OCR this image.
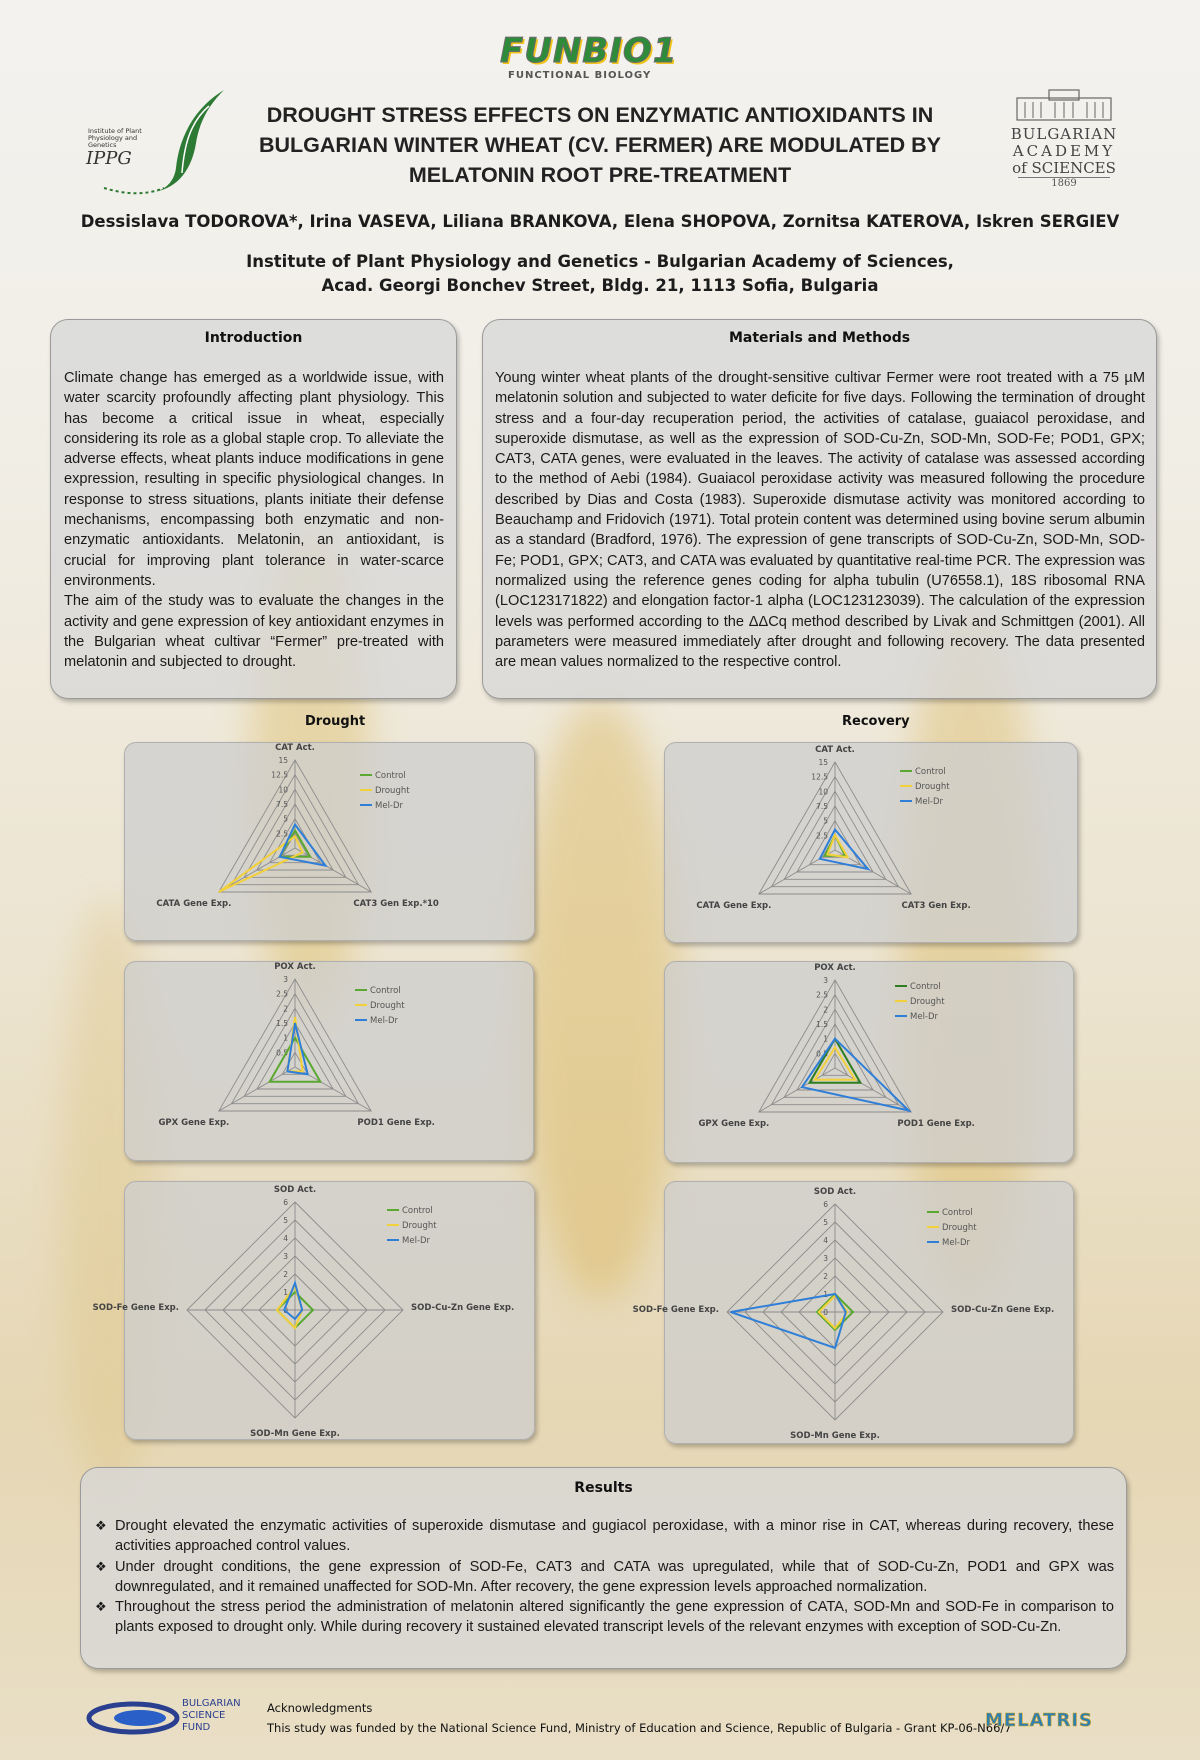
FUNBIO1
FUNCTIONAL BIOLOGY
Institute of Plant Physiology and Genetics
IPPG
BULGARIAN
ACADEMY
of SCIENCES
1869
DROUGHT STRESS EFFECTS ON ENZYMATIC ANTIOXIDANTS IN
BULGARIAN WINTER WHEAT (CV. FERMER) ARE MODULATED BY
MELATONIN ROOT PRE-TREATMENT
Dessislava TODOROVA*, Irina VASEVA, Liliana BRANKOVA, Elena SHOPOVA, Zornitsa KATEROVA, Iskren SERGIEV
Institute of Plant Physiology and Genetics - Bulgarian Academy of Sciences,
Acad. Georgi Bonchev Street, Bldg. 21, 1113 Sofia, Bulgaria
Introduction

Climate change has emerged as a worldwide issue, with water scarcity profoundly affecting plant physiology. This has become a critical issue in wheat, especially considering its role as a global staple crop. To alleviate the adverse effects, wheat plants induce modifications in gene expression, resulting in specific physiological changes. In response to stress situations, plants initiate their defense mechanisms, encompassing both enzymatic and non-enzymatic antioxidants. Melatonin, an antioxidant, is crucial for improving plant tolerance in water-scarce environments.

The aim of the study was to evaluate the changes in the activity and gene expression of key antioxidant enzymes in the Bulgarian wheat cultivar “Fermer” pre-treated with melatonin and subjected to drought.

Materials and Methods
Young winter wheat plants of the drought-sensitive cultivar Fermer were root treated with a 75 µM melatonin solution and subjected to water deficite for five days. Following the termination of drought stress and a four-day recuperation period, the activities of catalase, guaiacol peroxidase, and superoxide dismutase, as well as the expression of SOD-Cu-Zn, SOD-Mn, SOD-Fe; POD1, GPX; CAT3, CATA genes, were evaluated in the leaves. The activity of catalase was assessed according to the method of Aebi (1984). Guaiacol peroxidase activity was measured following the procedure described by Dias and Costa (1983). Superoxide dismutase activity was monitored according to Beauchamp and Fridovich (1971). Total protein content was determined using bovine serum albumin as a standard (Bradford, 1976). The expression of gene transcripts of SOD-Cu-Zn, SOD-Mn, SOD-Fe; POD1, GPX; CAT3, and CATA was evaluated by quantitative real-time PCR. The expression was normalized using the reference genes coding for alpha tubulin (U76558.1), 18S ribosomal RNA (LOC123171822) and elongation factor-1 alpha (LOC123123039). The calculation of the expression levels was performed according to the ΔΔCq method described by Livak and Schmittgen (2001). All parameters were measured immediately after drought and following recovery. The data presented are mean values normalized to the respective control.
Drought	Recovery
2.5
5
7.5
10
12.5
15
CAT Act.
CAT3 Gen Exp.*10
CATA Gene Exp.
Control
Drought
Mel-Dr
2.5
5
7.5
10
12.5
15
CAT Act.
CAT3 Gen Exp.
CATA Gene Exp.
Control
Drought
Mel-Dr
0.5
1
1.5
2
2.5
3
POX Act.
POD1 Gene Exp.
GPX Gene Exp.
Control
Drought
Mel-Dr
0.5
1
1.5
2
2.5
3
POX Act.
POD1 Gene Exp.
GPX Gene Exp.
Control
Drought
Mel-Dr
0
1
2
3
4
5
6
SOD Act.
SOD-Cu-Zn Gene Exp.
SOD-Mn Gene Exp.
SOD-Fe Gene Exp.
Control
Drought
Mel-Dr
0
1
2
3
4
5
6
SOD Act.
SOD-Cu-Zn Gene Exp.
SOD-Mn Gene Exp.
SOD-Fe Gene Exp.
Control
Drought
Mel-Dr
Results
❖ Drought elevated the enzymatic activities of superoxide dismutase and gugiacol peroxidase, with a minor rise in CAT, whereas during recovery, these activities approached control values.
❖ Under drought conditions, the gene expression of SOD-Fe, CAT3 and CATA was upregulated, while that of SOD-Cu-Zn, POD1 and GPX was downregulated, and it remained unaffected for SOD-Mn. After recovery, the gene expression levels approached normalization.
❖ Throughout the stress period the administration of melatonin altered significantly the gene expression of CATA, SOD-Mn and SOD-Fe in comparison to plants exposed to drought only. While during recovery it sustained elevated transcript levels of the relevant enzymes with exception of SOD-Cu-Zn.
BULGARIAN
SCIENCE
FUND
Acknowledgments
This study was funded by the National Science Fund, Ministry of Education and Science, Republic of Bulgaria - Grant KP-06-N66/7
MELATRIS
